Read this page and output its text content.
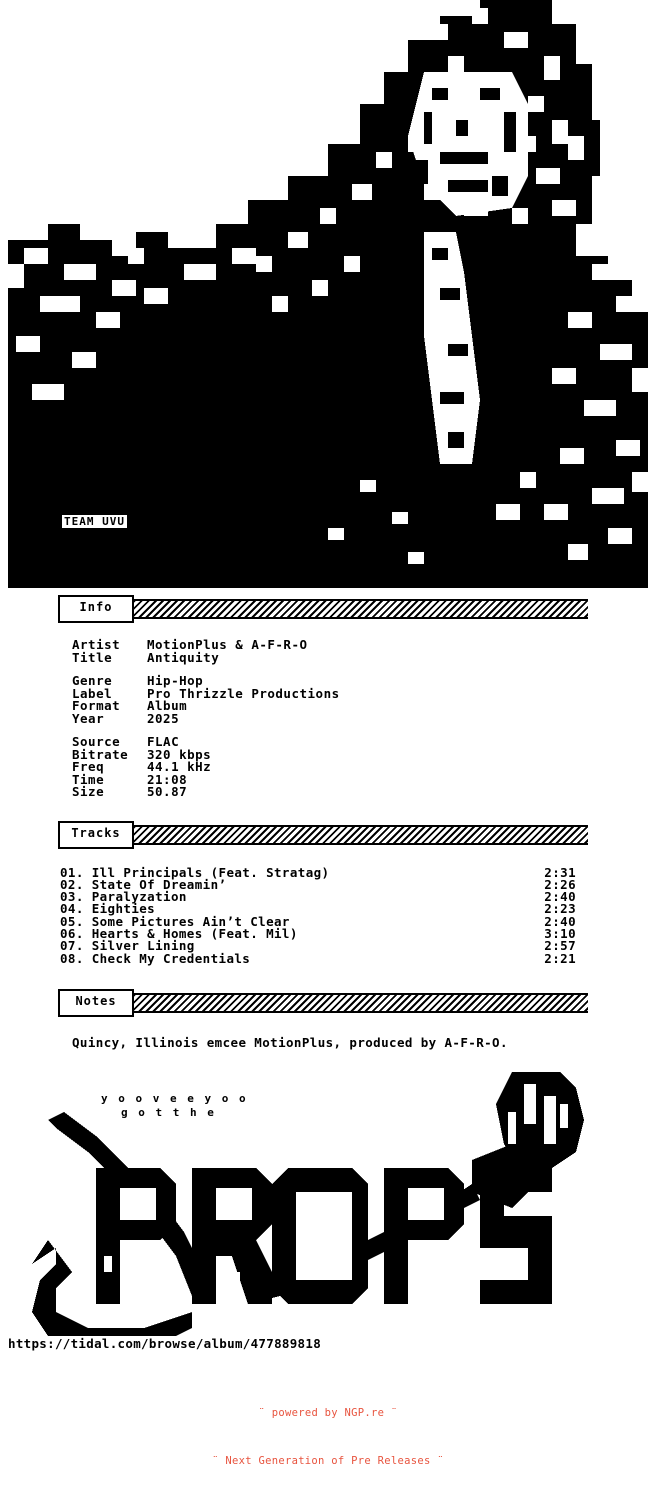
TEAM UVU
Info
Artist	MotionPlus & A-F-R-O
Title	Antiquity
Genre	Hip-Hop
Label	Pro Thrizzle Productions
Format	Album
Year	2025
Source	FLAC
Bitrate	320 kbps
Freq	44.1 kHz
Time	21:08
Size	50.87
Tracks
01. Ill Principals (Feat. Stratag)	2:31
02. State Of Dreamin’	2:26
03. Paralyzation	2:40
04. Eighties	2:23
05. Some Pictures Ain’t Clear	2:40
06. Hearts & Homes (Feat. Mil)	3:10
07. Silver Lining	2:57
08. Check My Credentials	2:21
Notes
Quincy, Illinois emcee MotionPlus, produced by A-F-R-O.
y o o v e e y o o
g o t t h e
https://tidal.com/browse/album/477889818

¨ powered by NGP.re ¨

¨ Next Generation of Pre Releases ¨
